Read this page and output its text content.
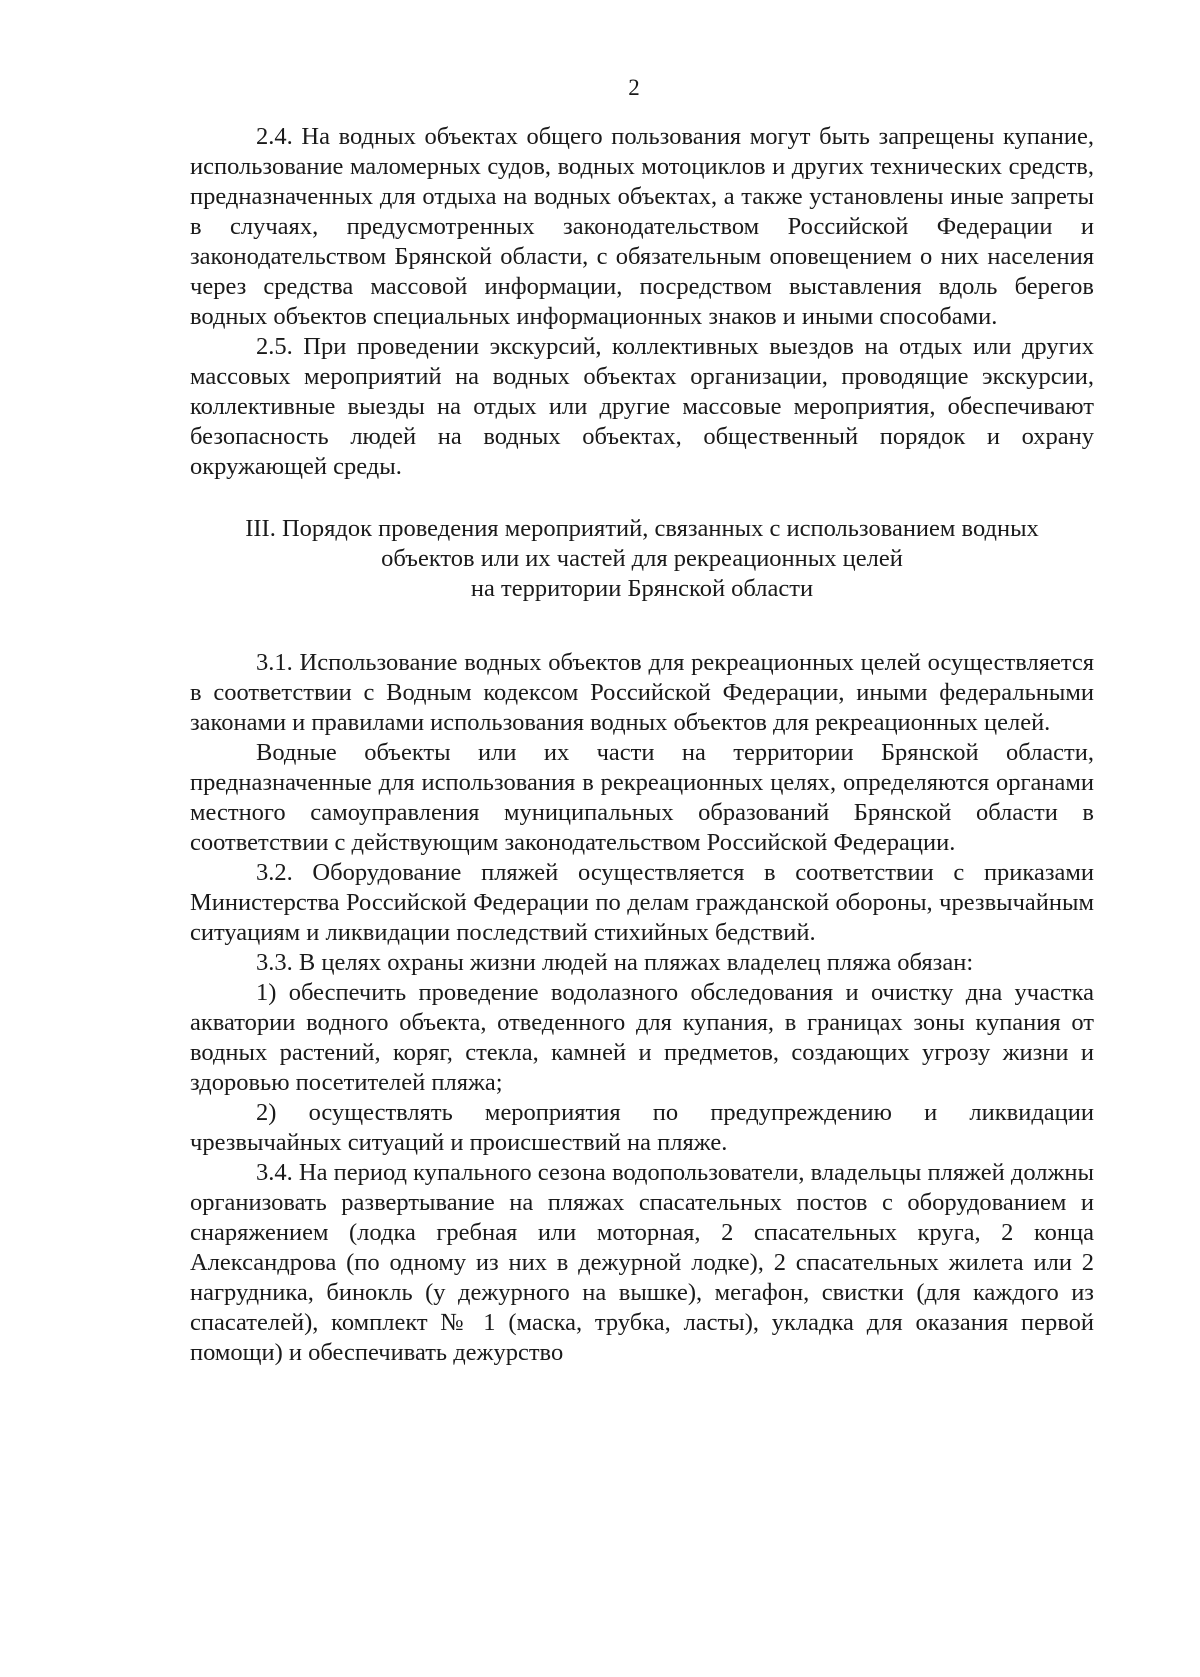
2

2.4. На водных объектах общего пользования могут быть запрещены купание, использование маломерных судов, водных мотоциклов и других технических средств, предназначенных для отдыха на водных объектах, а также установлены иные запреты в случаях, предусмотренных законодательством Российской Федерации и законодательством Брянской области, с обязательным оповещением о них населения через средства массовой информации, посредством выставления вдоль берегов водных объектов специальных информационных знаков и иными способами.

2.5. При проведении экскурсий, коллективных выездов на отдых или других массовых мероприятий на водных объектах организации, проводящие экскурсии, коллективные выезды на отдых или другие массовые мероприятия, обеспечивают безопасность людей на водных объектах, общественный порядок и охрану окружающей среды.

III. Порядок проведения мероприятий, связанных с использованием водных
объектов или их частей для рекреационных целей
на территории Брянской области

3.1. Использование водных объектов для рекреационных целей осуществляется в соответствии с Водным кодексом Российской Федерации, иными федеральными законами и правилами использования водных объектов для рекреационных целей.

Водные объекты или их части на территории Брянской области, предназначенные для использования в рекреационных целях, определяются органами местного самоуправления муниципальных образований Брянской области в соответствии с действующим законодательством Российской Федерации.

3.2. Оборудование пляжей осуществляется в соответствии с приказами Министерства Российской Федерации по делам гражданской обороны, чрезвычайным ситуациям и ликвидации последствий стихийных бедствий.

3.3. В целях охраны жизни людей на пляжах владелец пляжа обязан:

1) обеспечить проведение водолазного обследования и очистку дна участка акватории водного объекта, отведенного для купания, в границах зоны купания от водных растений, коряг, стекла, камней и предметов, создающих угрозу жизни и здоровью посетителей пляжа;

2) осуществлять мероприятия по предупреждению и ликвидации чрезвычайных ситуаций и происшествий на пляже.

3.4. На период купального сезона водопользователи, владельцы пляжей должны организовать развертывание на пляжах спасательных постов с оборудованием и снаряжением (лодка гребная или моторная, 2 спасательных круга, 2 конца Александрова (по одному из них в дежурной лодке), 2 спасательных жилета или 2 нагрудника, бинокль (у дежурного на вышке), мегафон, свистки (для каждого из спасателей), комплект № 1 (маска, трубка, ласты), укладка для оказания первой помощи) и обеспечивать дежурство
